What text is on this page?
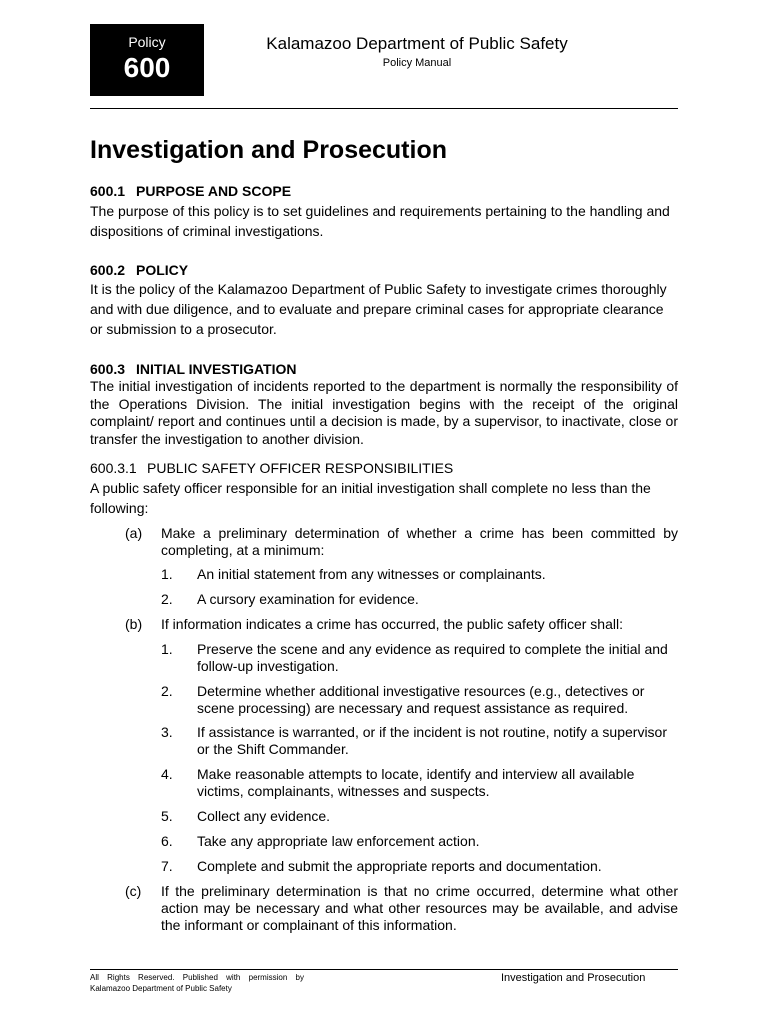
Policy
600
Kalamazoo Department of Public Safety
Policy Manual
Investigation and Prosecution
600.1 PURPOSE AND SCOPE
The purpose of this policy is to set guidelines and requirements pertaining to the handling and dispositions of criminal investigations.
600.2 POLICY
It is the policy of the Kalamazoo Department of Public Safety to investigate crimes thoroughly and with due diligence, and to evaluate and prepare criminal cases for appropriate clearance or submission to a prosecutor.
600.3 INITIAL INVESTIGATION
The initial investigation of incidents reported to the department is normally the responsibility of the Operations Division. The initial investigation begins with the receipt of the original complaint/ report and continues until a decision is made, by a supervisor, to inactivate, close or transfer the investigation to another division.
600.3.1 PUBLIC SAFETY OFFICER RESPONSIBILITIES
A public safety officer responsible for an initial investigation shall complete no less than the following:
(a) Make a preliminary determination of whether a crime has been committed by completing, at a minimum:
1. An initial statement from any witnesses or complainants.
2. A cursory examination for evidence.
(b) If information indicates a crime has occurred, the public safety officer shall:
1. Preserve the scene and any evidence as required to complete the initial and follow-up investigation.
2. Determine whether additional investigative resources (e.g., detectives or scene processing) are necessary and request assistance as required.
3. If assistance is warranted, or if the incident is not routine, notify a supervisor or the Shift Commander.
4. Make reasonable attempts to locate, identify and interview all available victims, complainants, witnesses and suspects.
5. Collect any evidence.
6. Take any appropriate law enforcement action.
7. Complete and submit the appropriate reports and documentation.
(c) If the preliminary determination is that no crime occurred, determine what other action may be necessary and what other resources may be available, and advise the informant or complainant of this information.
All Rights Reserved. Published with permission by Kalamazoo Department of Public Safety
Investigation and Prosecution
